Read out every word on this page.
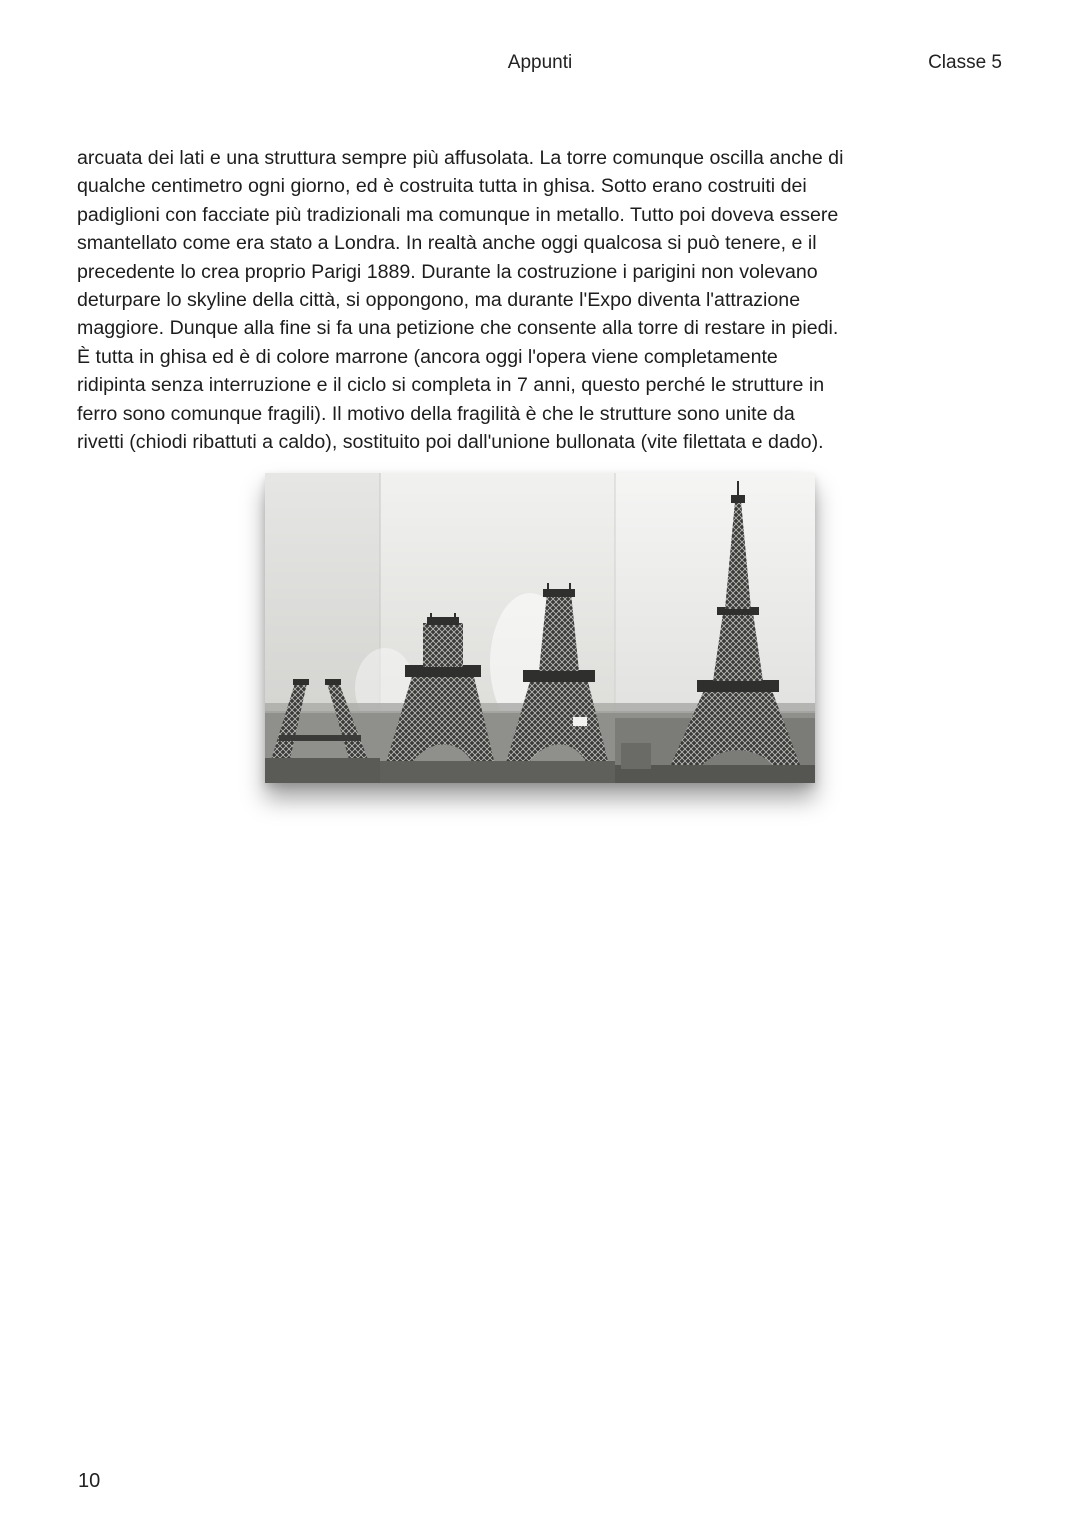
Appunti	Classe 5
arcuata dei lati e una struttura sempre più affusolata. La torre comunque oscilla anche di
qualche centimetro ogni giorno, ed è costruita tutta in ghisa. Sotto erano costruiti dei
padiglioni con facciate più tradizionali ma comunque in metallo. Tutto poi doveva essere
smantellato come era stato a Londra. In realtà anche oggi qualcosa si può tenere, e il
precedente lo crea proprio Parigi 1889. Durante la costruzione i parigini non volevano
deturpare lo skyline della città, si oppongono, ma durante l'Expo diventa l'attrazione
maggiore. Dunque alla fine si fa una petizione che consente alla torre di restare in piedi.
È tutta in ghisa ed è di colore marrone (ancora oggi l'opera viene completamente
ridipinta senza interruzione e il ciclo si completa in 7 anni, questo perché le strutture in
ferro sono comunque fragili). Il motivo della fragilità è che le strutture sono unite da
rivetti (chiodi ribattuti a caldo), sostituito poi dall'unione bullonata (vite filettata e dado).
10
